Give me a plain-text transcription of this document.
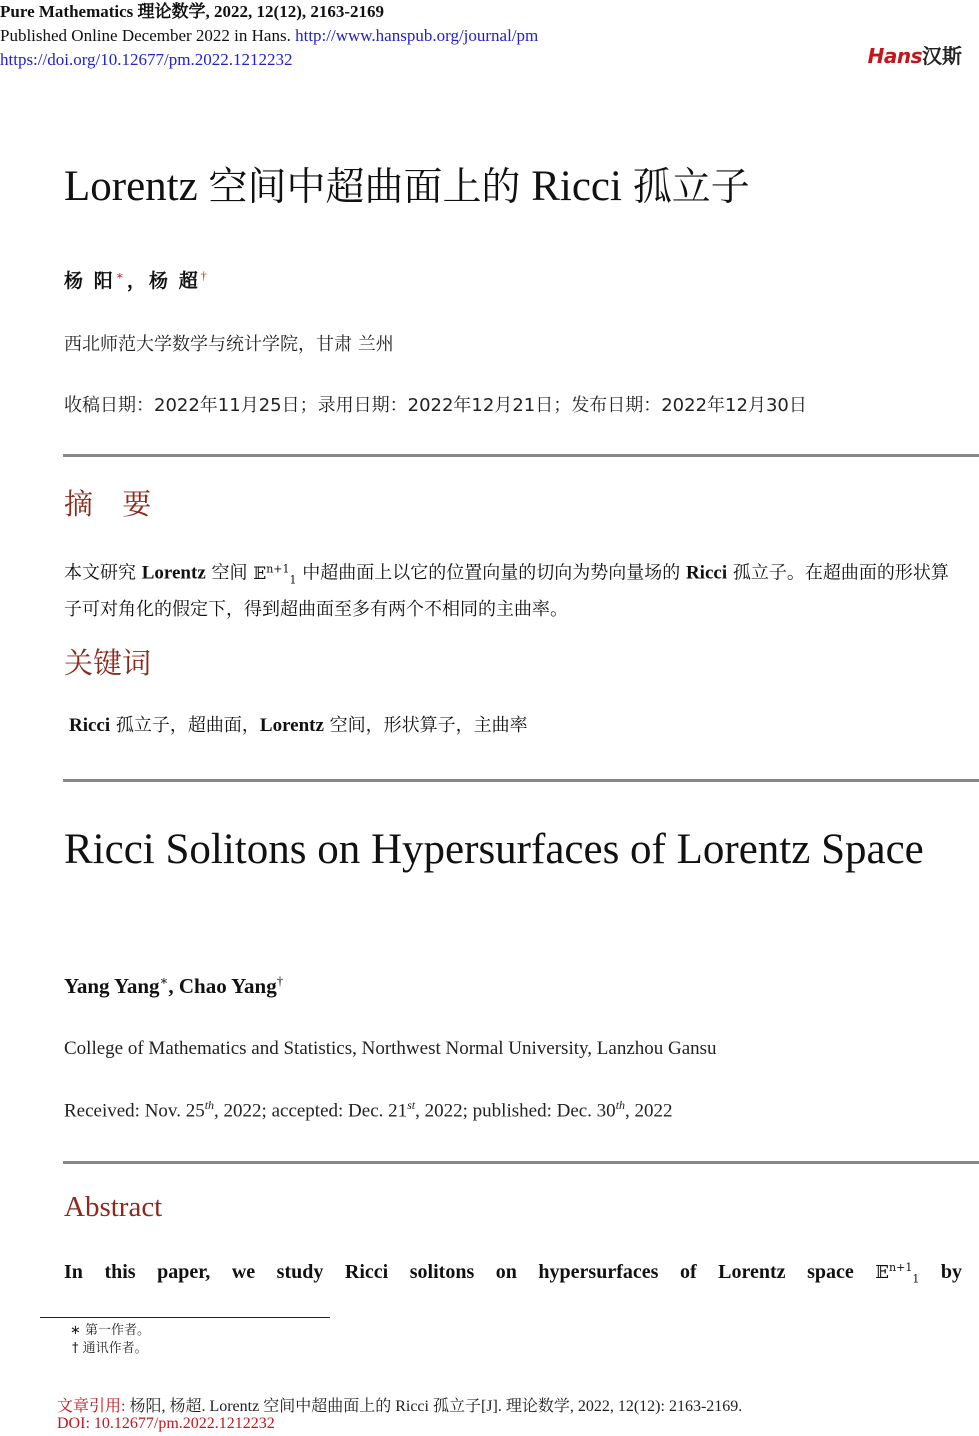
Pure Mathematics 理论数学, 2022, 12(12), 2163-2169
Published Online December 2022 in Hans. http://www.hanspub.org/journal/pm
https://doi.org/10.12677/pm.2022.1212232	Hans汉斯
Lorentz 空间中超曲面上的 Ricci 孤立子
杨 阳∗，杨 超†
西北师范大学数学与统计学院，甘肃 兰州
收稿日期：2022年11月25日；录用日期：2022年12月21日；发布日期：2022年12月30日
摘 要
本文研究 Lorentz 空间 𝔼$^{n+1}_1$ 中超曲面上以它的位置向量的切向为势向量场的 Ricci 孤立子。在超曲面的形状算子可对角化的假定下，得到超曲面至多有两个不相同的主曲率。
关键词
Ricci 孤立子，超曲面，Lorentz 空间，形状算子，主曲率
Ricci Solitons on Hypersurfaces of Lorentz Space
Yang Yang∗, Chao Yang†
College of Mathematics and Statistics, Northwest Normal University, Lanzhou Gansu
Received: Nov. 25th, 2022; accepted: Dec. 21st, 2022; published: Dec. 30th, 2022
Abstract
In this paper, we study Ricci solitons on hypersurfaces of Lorentz space 𝔼$^{n+1}_1$ by
∗ 第一作者。
† 通讯作者。
文章引用: 杨阳, 杨超. Lorentz 空间中超曲面上的 Ricci 孤立子[J]. 理论数学, 2022, 12(12): 2163-2169.
DOI: 10.12677/pm.2022.1212232
